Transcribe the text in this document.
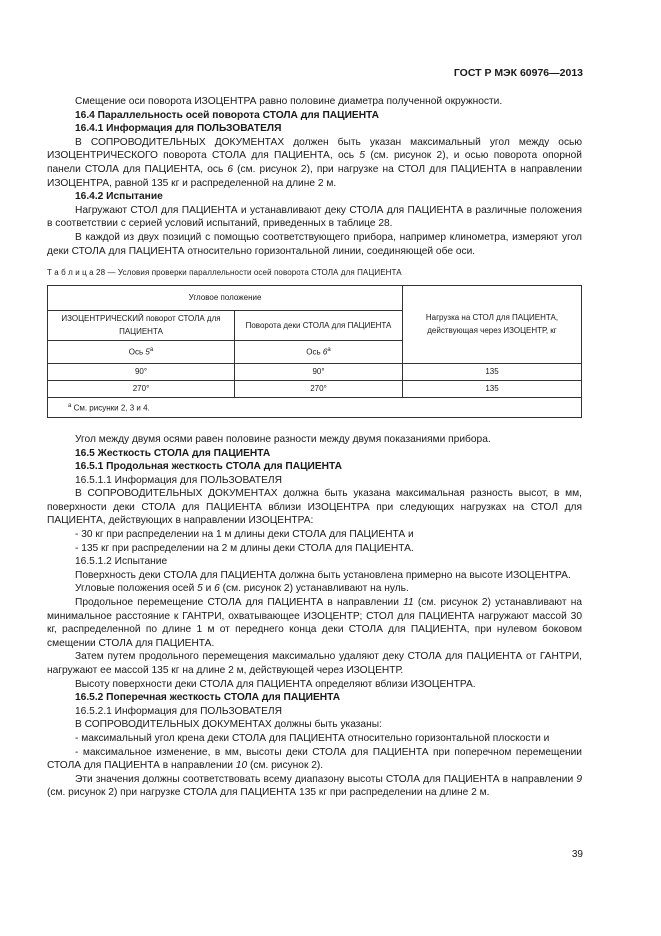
ГОСТ Р МЭК 60976—2013

Смещение оси поворота ИЗОЦЕНТРА равно половине диаметра полученной окружности.

16.4 Параллельность осей поворота СТОЛА для ПАЦИЕНТА

16.4.1 Информация для ПОЛЬЗОВАТЕЛЯ

В СОПРОВОДИТЕЛЬНЫХ ДОКУМЕНТАХ должен быть указан максимальный угол между осью ИЗОЦЕНТРИЧЕСКОГО поворота СТОЛА для ПАЦИЕНТА, ось 5 (см. рисунок 2), и осью поворота опорной панели СТОЛА для ПАЦИЕНТА, ось 6 (см. рисунок 2), при нагрузке на СТОЛ для ПАЦИЕНТА в направлении ИЗОЦЕНТРА, равной 135 кг и распределенной на длине 2 м.

16.4.2 Испытание

Нагружают СТОЛ для ПАЦИЕНТА и устанавливают деку СТОЛА для ПАЦИЕНТА в различные положения в соответствии с серией условий испытаний, приведенных в таблице 28.

В каждой из двух позиций с помощью соответствующего прибора, например клинометра, измеряют угол деки СТОЛА для ПАЦИЕНТА относительно горизонтальной линии, соединяющей обе оси.

Т а б л и ц а 28 — Условия проверки параллельности осей поворота СТОЛА для ПАЦИЕНТА
Угловое положение		Нагрузка на СТОЛ для ПАЦИЕНТА, действующая через ИЗОЦЕНТР, кг
ИЗОЦЕНТРИЧЕСКИЙ поворот СТОЛА для ПАЦИЕНТА	Поворота деки СТОЛА для ПАЦИЕНТА	
Ось $5^а$	Ось $6^а$
90°	90°	135
270°	270°	135
$^а$ См. рисунки 2, 3 и 4.		

Угол между двумя осями равен половине разности между двумя показаниями прибора.

16.5 Жесткость СТОЛА для ПАЦИЕНТА

16.5.1 Продольная жесткость СТОЛА для ПАЦИЕНТА

16.5.1.1 Информация для ПОЛЬЗОВАТЕЛЯ

В СОПРОВОДИТЕЛЬНЫХ ДОКУМЕНТАХ должна быть указана максимальная разность высот, в мм, поверхности деки СТОЛА для ПАЦИЕНТА вблизи ИЗОЦЕНТРА при следующих нагрузках на СТОЛ для ПАЦИЕНТА, действующих в направлении ИЗОЦЕНТРА:

- 30 кг при распределении на 1 м длины деки СТОЛА для ПАЦИЕНТА и

- 135 кг при распределении на 2 м длины деки СТОЛА для ПАЦИЕНТА.

16.5.1.2 Испытание

Поверхность деки СТОЛА для ПАЦИЕНТА должна быть установлена примерно на высоте ИЗОЦЕНТРА.

Угловые положения осей 5 и 6 (см. рисунок 2) устанавливают на нуль.

Продольное перемещение СТОЛА для ПАЦИЕНТА в направлении 11 (см. рисунок 2) устанавливают на минимальное расстояние к ГАНТРИ, охватывающее ИЗОЦЕНТР; СТОЛ для ПАЦИЕНТА нагружают массой 30 кг, распределенной по длине 1 м от переднего конца деки СТОЛА для ПАЦИЕНТА, при нулевом боковом смещении СТОЛА для ПАЦИЕНТА.

Затем путем продольного перемещения максимально удаляют деку СТОЛА для ПАЦИЕНТА от ГАНТРИ, нагружают ее массой 135 кг на длине 2 м, действующей через ИЗОЦЕНТР.

Высоту поверхности деки СТОЛА для ПАЦИЕНТА определяют вблизи ИЗОЦЕНТРА.

16.5.2 Поперечная жесткость СТОЛА для ПАЦИЕНТА

16.5.2.1 Информация для ПОЛЬЗОВАТЕЛЯ

В СОПРОВОДИТЕЛЬНЫХ ДОКУМЕНТАХ должны быть указаны:

- максимальный угол крена деки СТОЛА для ПАЦИЕНТА относительно горизонтальной плоскости и

- максимальное изменение, в мм, высоты деки СТОЛА для ПАЦИЕНТА при поперечном перемещении СТОЛА для ПАЦИЕНТА в направлении 10 (см. рисунок 2).

Эти значения должны соответствовать всему диапазону высоты СТОЛА для ПАЦИЕНТА в направлении 9 (см. рисунок 2) при нагрузке СТОЛА для ПАЦИЕНТА 135 кг при распределении на длине 2 м.

39
